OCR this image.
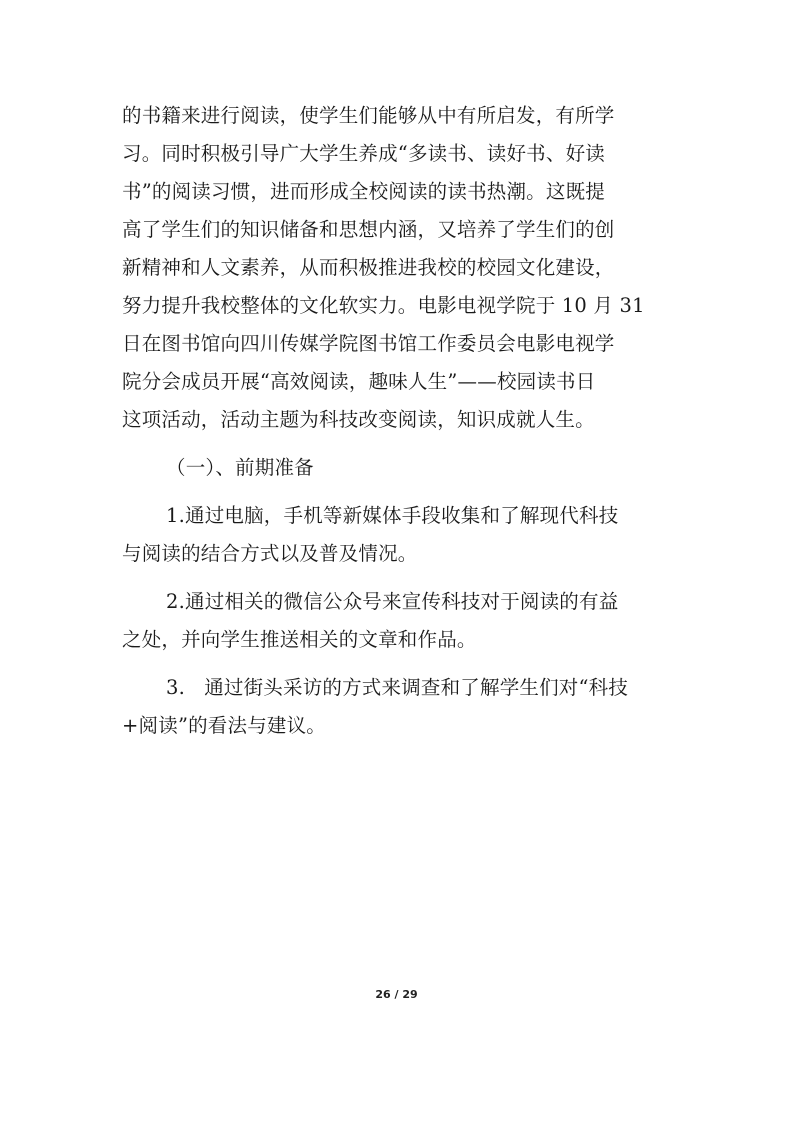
的书籍来进行阅读，使学生们能够从中有所启发，有所学
习。同时积极引导广大学生养成“多读书、读好书、好读
书”的阅读习惯，进而形成全校阅读的读书热潮。这既提
高了学生们的知识储备和思想内涵，又培养了学生们的创
新精神和人文素养，从而积极推进我校的校园文化建设，
努力提升我校整体的文化软实力。电影电视学院于 10 月 31
日在图书馆向四川传媒学院图书馆工作委员会电影电视学
院分会成员开展“高效阅读，趣味人生”——校园读书日
这项活动，活动主题为科技改变阅读，知识成就人生。
（一）、前期准备
1.通过电脑，手机等新媒体手段收集和了解现代科技
与阅读的结合方式以及普及情况。
2.通过相关的微信公众号来宣传科技对于阅读的有益
之处，并向学生推送相关的文章和作品。
3.   通过街头采访的方式来调查和了解学生们对“科技
+阅读”的看法与建议。
26 / 29
